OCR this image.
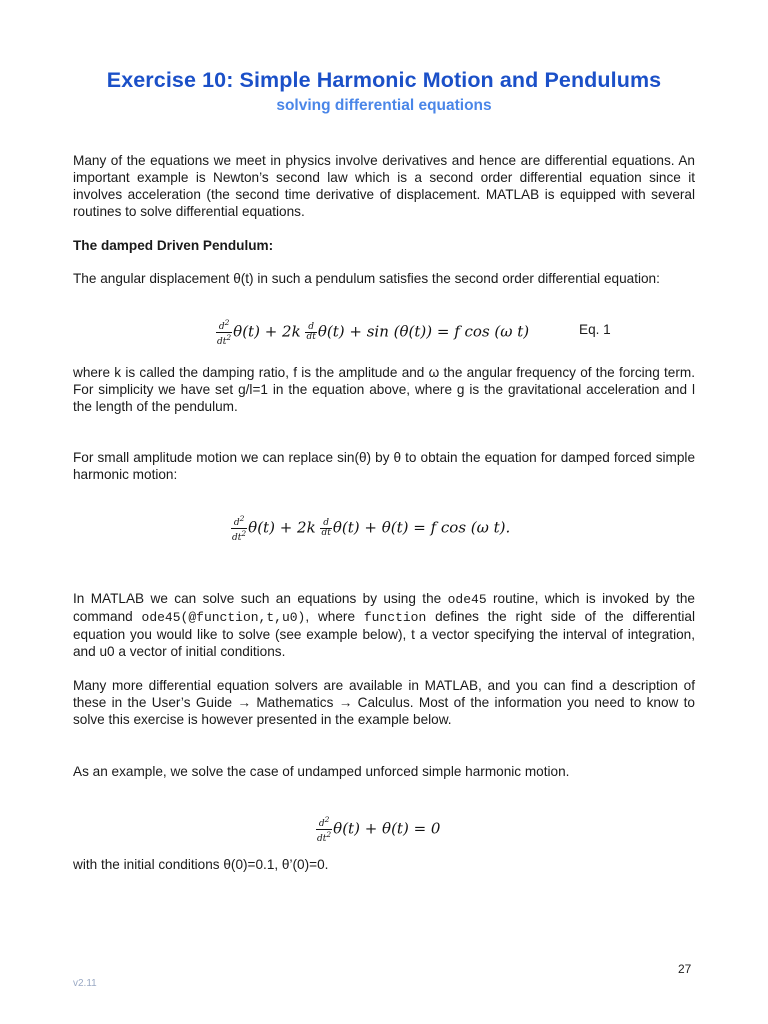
Exercise 10: Simple Harmonic Motion and Pendulums
solving differential equations
Many of the equations we meet in physics involve derivatives and hence are differential equations. An important example is Newton’s second law which is a second order differential equation since it involves acceleration (the second time derivative of displacement. MATLAB is equipped with several routines to solve differential equations.
The damped Driven Pendulum:
The angular displacement θ(t) in such a pendulum satisfies the second order differential equation:
$\frac{d^2}{dt^2} \theta(t) + 2k \frac{d}{dt} \theta(t) + \sin (\theta(t)) = f$ cos (ω t)	Eq. 1
where k is called the damping ratio, f is the amplitude and ω the angular frequency of the forcing term. For simplicity we have set g/l=1 in the equation above, where g is the gravitational acceleration and l the length of the pendulum.
For small amplitude motion we can replace sin(θ) by θ to obtain the equation for damped forced simple harmonic motion:
$\frac{d^2}{dt^2} \theta(t) + 2k \frac{d}{dt} \theta(t) + \theta(t) = f$ cos (ω t).
In MATLAB we can solve such an equations by using the ode45 routine, which is invoked by the command ode45(@function,t,u0), where function defines the right side of the differential equation you would like to solve (see example below), t a vector specifying the interval of integration, and u0 a vector of initial conditions.
Many more differential equation solvers are available in MATLAB, and you can find a description of these in the User’s Guide → Mathematics → Calculus. Most of the information you need to know to solve this exercise is however presented in the example below.
As an example, we solve the case of undamped unforced simple harmonic motion.
$\frac{d^2}{dt^2} \theta(t) + \theta(t) = 0$
with the initial conditions θ(0)=0.1, θ’(0)=0.
27
v2.11
